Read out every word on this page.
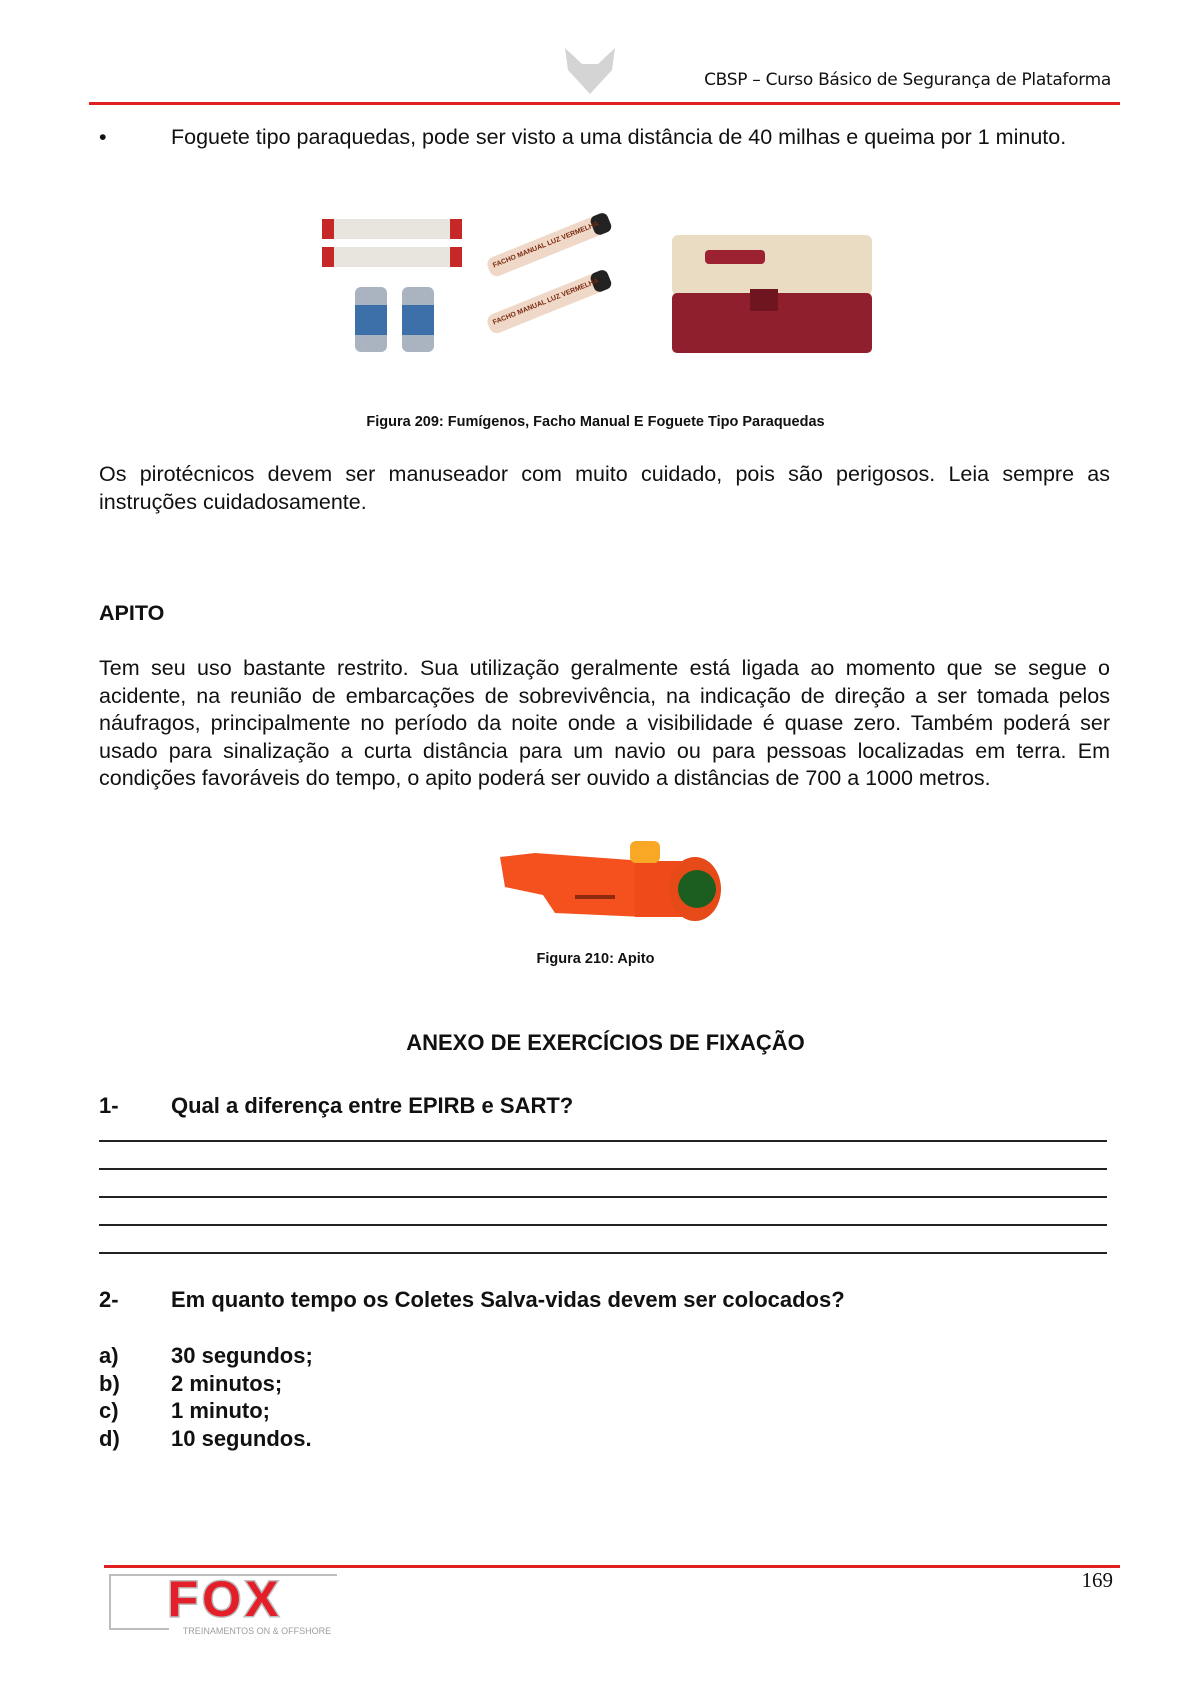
CBSP – Curso Básico de Segurança de Plataforma
•	Foguete tipo paraquedas, pode ser visto a uma distância de 40 milhas e queima por 1 minuto.
FACHO MANUAL LUZ VERMELHA
FACHO MANUAL LUZ VERMELHA
Figura 209: Fumígenos, Facho Manual E Foguete Tipo Paraquedas
Os pirotécnicos devem ser manuseador com muito cuidado, pois são perigosos. Leia sempre as instruções cuidadosamente.
APITO
Tem seu uso bastante restrito. Sua utilização geralmente está ligada ao momento que se segue o acidente, na reunião de embarcações de sobrevivência, na indicação de direção a ser tomada pelos náufragos, principalmente no período da noite onde a visibilidade é quase zero. Também poderá ser usado para sinalização a curta distância para um navio ou para pessoas localizadas em terra. Em condições favoráveis do tempo, o apito poderá ser ouvido a distâncias de 700 a 1000 metros.
Figura 210: Apito
ANEXO DE EXERCÍCIOS DE FIXAÇÃO
1-	Qual a diferença entre EPIRB e SART?
2-	Em quanto tempo os Coletes Salva-vidas devem ser colocados?
a)	30 segundos;
b)	2 minutos;
c)	1 minuto;
d)	10 segundos.
169
FOX
TREINAMENTOS ON & OFFSHORE
